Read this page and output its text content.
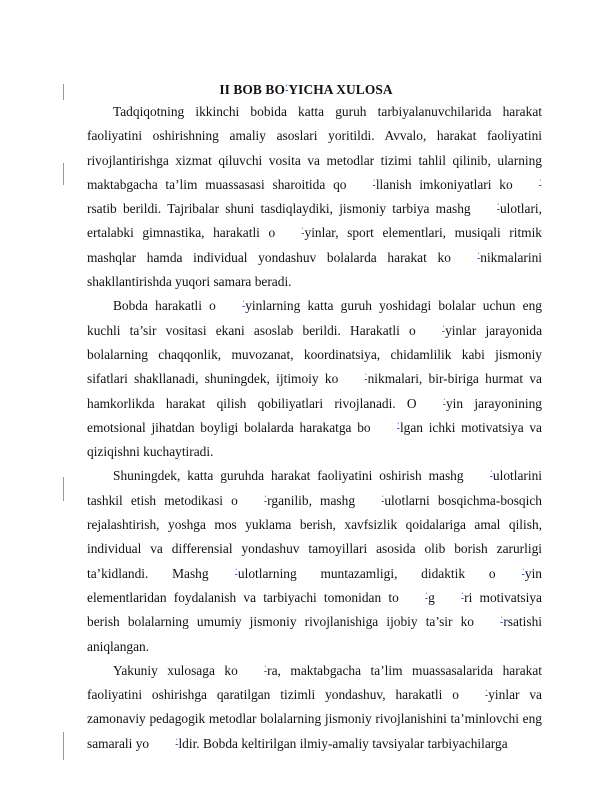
II BOB BO‘YICHA XULOSA

Tadqiqotning ikkinchi bobida katta guruh tarbiyalanuvchilarida harakat faoliyatini oshirishning amaliy asoslari yoritildi. Avvalo, harakat faoliyatini rivojlantirishga xizmat qiluvchi vosita va metodlar tizimi tahlil qilinib, ularning maktabgacha ta’lim muassasasi sharoitida qo	‘llanish imkoniyatlari ko	‘rsatib berildi. Tajribalar shuni tasdiqlaydiki, jismoniy tarbiya mashg	‘ulotlari, ertalabki gimnastika, harakatli o	‘yinlar, sport elementlari, musiqali ritmik mashqlar hamda individual yondashuv bolalarda harakat ko	‘nikmalarini shakllantirishda yuqori samara beradi.

Bobda harakatli o	‘yinlarning katta guruh yoshidagi bolalar uchun eng kuchli ta’sir vositasi ekani asoslab berildi. Harakatli o	‘yinlar jarayonida bolalarning chaqqonlik, muvozanat, koordinatsiya, chidamlilik kabi jismoniy sifatlari shakllanadi, shuningdek, ijtimoiy ko	‘nikmalari, bir-biriga hurmat va hamkorlikda harakat qilish qobiliyatlari rivojlanadi. O	‘yin jarayonining emotsional jihatdan boyligi bolalarda harakatga bo	‘lgan ichki motivatsiya va qiziqishni kuchaytiradi.

Shuningdek, katta guruhda harakat faoliyatini oshirish mashg	‘ulotlarini tashkil etish metodikasi o	‘rganilib, mashg	‘ulotlarni bosqichma-bosqich rejalashtirish, yoshga mos yuklama berish, xavfsizlik qoidalariga amal qilish, individual va differensial yondashuv tamoyillari asosida olib borish zarurligi ta’kidlandi. Mashg	‘ulotlarning muntazamligi, didaktik o	‘yin elementlaridan foydalanish va tarbiyachi tomonidan to	‘g	‘ri motivatsiya berish bolalarning umumiy jismoniy rivojlanishiga ijobiy ta’sir ko	‘rsatishi aniqlangan.

Yakuniy xulosaga ko	‘ra, maktabgacha ta’lim muassasalarida harakat faoliyatini oshirishga qaratilgan tizimli yondashuv, harakatli o	‘yinlar va zamonaviy pedagogik metodlar bolalarning jismoniy rivojlanishini ta’minlovchi eng samarali yo	‘ldir. Bobda keltirilgan ilmiy-amaliy tavsiyalar tarbiyachilarga
